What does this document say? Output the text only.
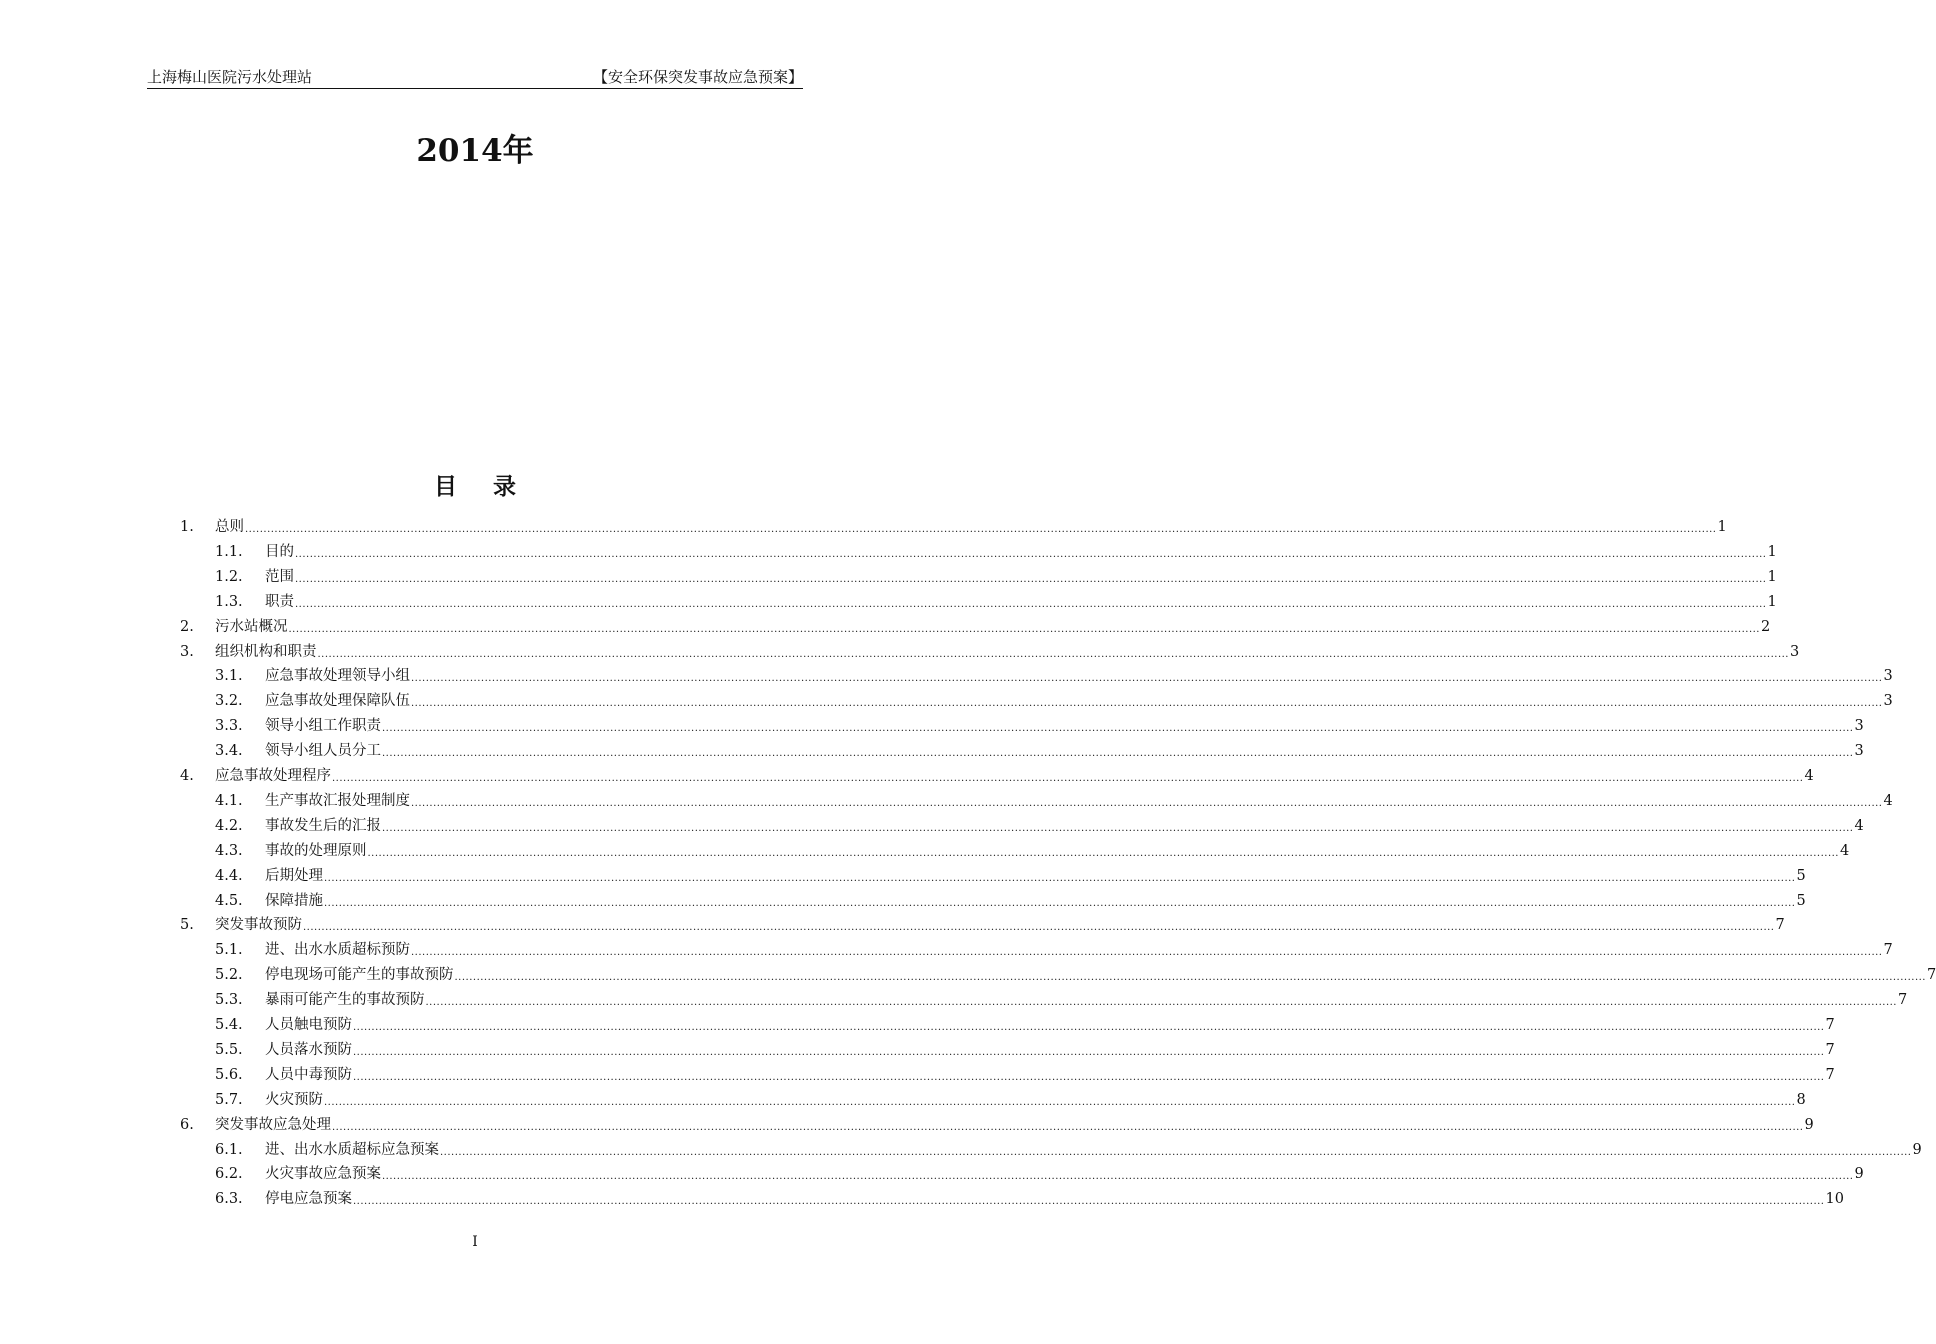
上海梅山医院污水处理站	【安全环保突发事故应急预案】
2014年
目 录
1.	总则 ................................................................................................................................................................................................................................................................................................................................................................................................................ 1
1.1.	目的 ................................................................................................................................................................................................................................................................................................................................................................................................................ 1
1.2.	范围 ................................................................................................................................................................................................................................................................................................................................................................................................................ 1
1.3.	职责 ................................................................................................................................................................................................................................................................................................................................................................................................................ 1
2.	污水站概况 ................................................................................................................................................................................................................................................................................................................................................................................................................ 2
3.	组织机构和职责 ................................................................................................................................................................................................................................................................................................................................................................................................................ 3
3.1.	应急事故处理领导小组 ................................................................................................................................................................................................................................................................................................................................................................................................................ 3
3.2.	应急事故处理保障队伍 ................................................................................................................................................................................................................................................................................................................................................................................................................ 3
3.3.	领导小组工作职责 ................................................................................................................................................................................................................................................................................................................................................................................................................ 3
3.4.	领导小组人员分工 ................................................................................................................................................................................................................................................................................................................................................................................................................ 3
4.	应急事故处理程序 ................................................................................................................................................................................................................................................................................................................................................................................................................ 4
4.1.	生产事故汇报处理制度 ................................................................................................................................................................................................................................................................................................................................................................................................................ 4
4.2.	事故发生后的汇报 ................................................................................................................................................................................................................................................................................................................................................................................................................ 4
4.3.	事故的处理原则 ................................................................................................................................................................................................................................................................................................................................................................................................................ 4
4.4.	后期处理 ................................................................................................................................................................................................................................................................................................................................................................................................................ 5
4.5.	保障措施 ................................................................................................................................................................................................................................................................................................................................................................................................................ 5
5.	突发事故预防 ................................................................................................................................................................................................................................................................................................................................................................................................................ 7
5.1.	进、出水水质超标预防 ................................................................................................................................................................................................................................................................................................................................................................................................................ 7
5.2.	停电现场可能产生的事故预防 ................................................................................................................................................................................................................................................................................................................................................................................................................ 7
5.3.	暴雨可能产生的事故预防 ................................................................................................................................................................................................................................................................................................................................................................................................................ 7
5.4.	人员触电预防 ................................................................................................................................................................................................................................................................................................................................................................................................................ 7
5.5.	人员落水预防 ................................................................................................................................................................................................................................................................................................................................................................................................................ 7
5.6.	人员中毒预防 ................................................................................................................................................................................................................................................................................................................................................................................................................ 7
5.7.	火灾预防 ................................................................................................................................................................................................................................................................................................................................................................................................................ 8
6.	突发事故应急处理 ................................................................................................................................................................................................................................................................................................................................................................................................................ 9
6.1.	进、出水水质超标应急预案 ................................................................................................................................................................................................................................................................................................................................................................................................................ 9
6.2.	火灾事故应急预案 ................................................................................................................................................................................................................................................................................................................................................................................................................ 9
6.3.	停电应急预案 ................................................................................................................................................................................................................................................................................................................................................................................................................ 10
I
